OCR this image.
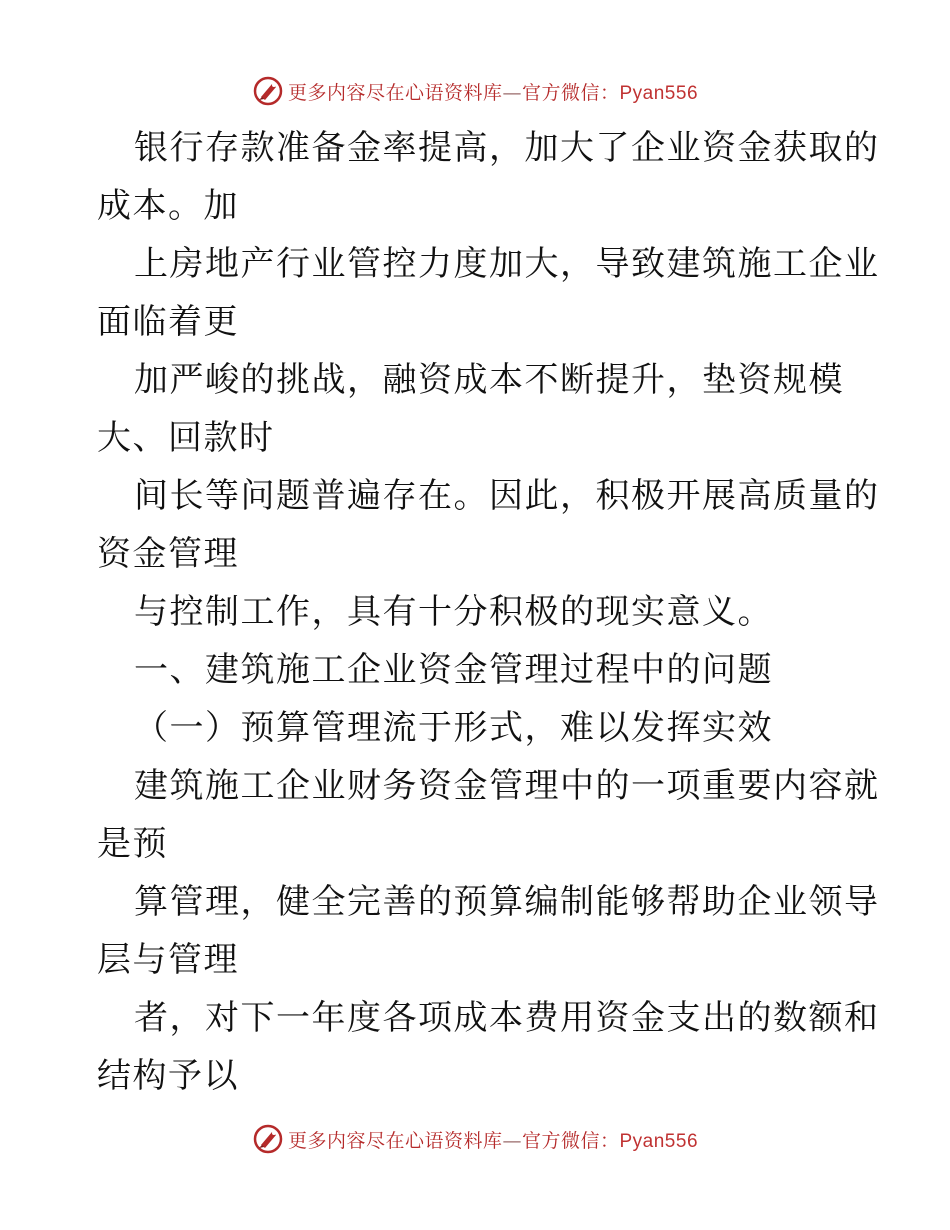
更多内容尽在心语资料库—官方微信：Pyan556
银行存款准备金率提高，加大了企业资金获取的
成本。加
上房地产行业管控力度加大，导致建筑施工企业
面临着更
加严峻的挑战，融资成本不断提升，垫资规模
大、回款时
间长等问题普遍存在。因此，积极开展高质量的
资金管理
与控制工作，具有十分积极的现实意义。
一、建筑施工企业资金管理过程中的问题
（一）预算管理流于形式，难以发挥实效
建筑施工企业财务资金管理中的一项重要内容就
是预
算管理，健全完善的预算编制能够帮助企业领导
层与管理
者，对下一年度各项成本费用资金支出的数额和
结构予以
更多内容尽在心语资料库—官方微信：Pyan556
